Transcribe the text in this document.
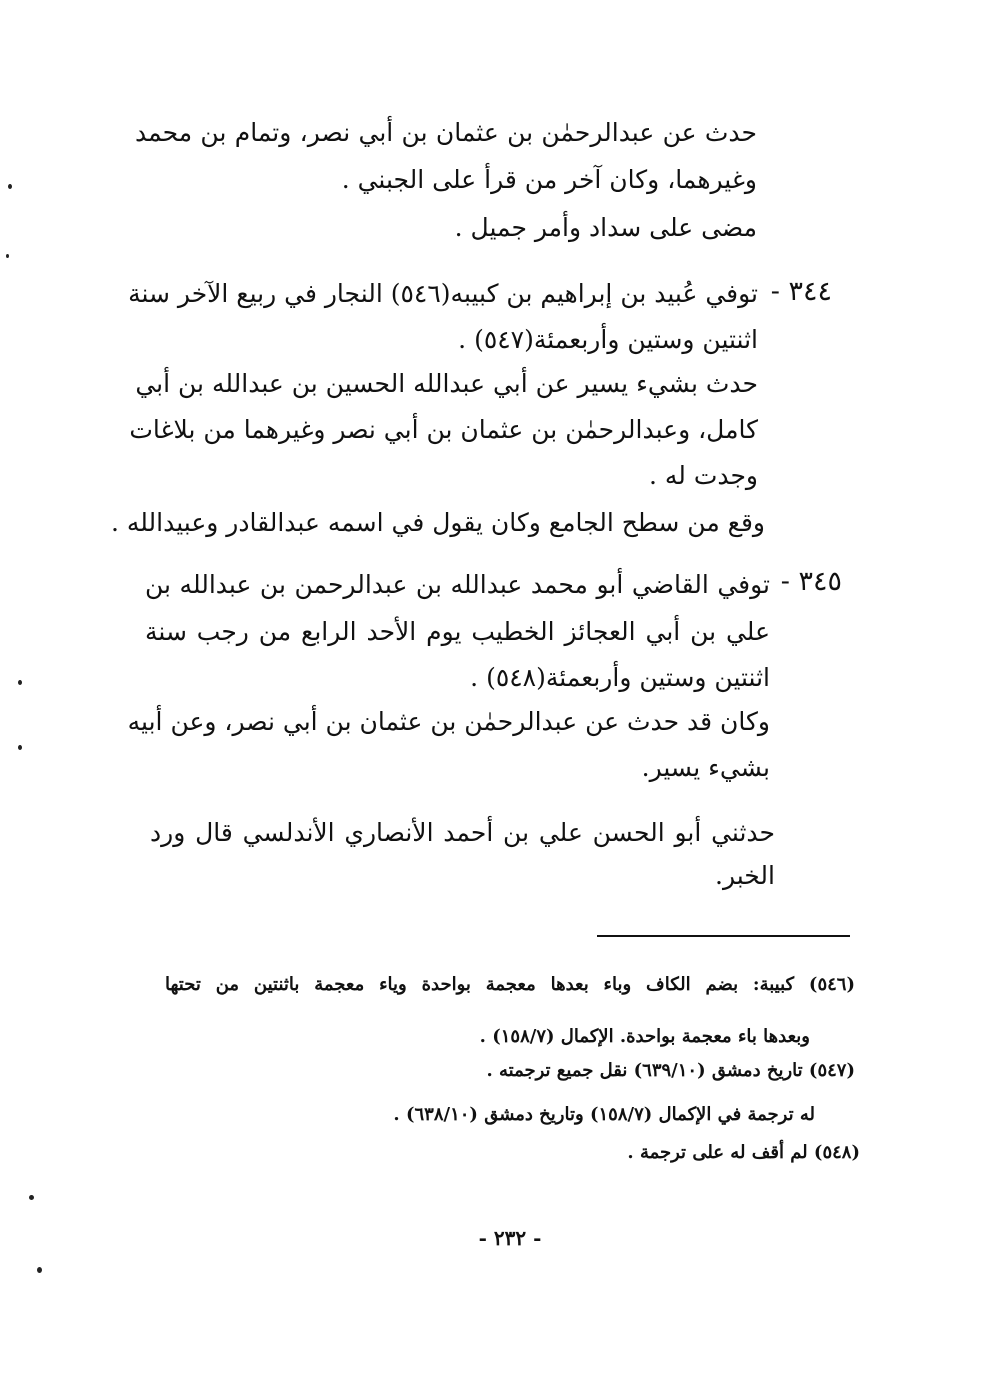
حدث عن عبدالرحمٰن بن عثمان بن أبي نصر، وتمام بن محمد
وغيرهما، وكان آخر من قرأ على الجبني .
مضى على سداد وأمر جميل .
٣٤٤ -
توفي عُبيد بن إبراهيم بن كبيبه(٥٤٦) النجار في ربيع الآخر سنة
اثنتين وستين وأربعمئة(٥٤٧) .
حدث بشيء يسير عن أبي عبدالله الحسين بن عبدالله بن أبي
كامل، وعبدالرحمٰن بن عثمان بن أبي نصر وغيرهما من بلاغات
وجدت له .
وقع من سطح الجامع وكان يقول في اسمه عبدالقادر وعبيدالله .
٣٤٥ -
توفي القاضي أبو محمد عبدالله بن عبدالرحمن بن عبدالله بن
علي بن أبي العجائز الخطيب يوم الأحد الرابع من رجب سنة
اثنتين وستين وأربعمئة(٥٤٨) .
وكان قد حدث عن عبدالرحمٰن بن عثمان بن أبي نصر، وعن أبيه
بشيء يسير.
حدثني أبو الحسن علي بن أحمد الأنصاري الأندلسي قال ورد
الخبر.
(٥٤٦) كبيبة: بضم الكاف وباء بعدها معجمة بواحدة وياء معجمة باثنتين من تحتها
وبعدها باء معجمة بواحدة. الإكمال (١٥٨/٧) .
(٥٤٧) تاريخ دمشق (٦٣٩/١٠) نقل جميع ترجمته .
له ترجمة في الإكمال (١٥٨/٧) وتاريخ دمشق (٦٣٨/١٠) .
(٥٤٨) لم أقف له على ترجمة .
- ٢٣٢ -
